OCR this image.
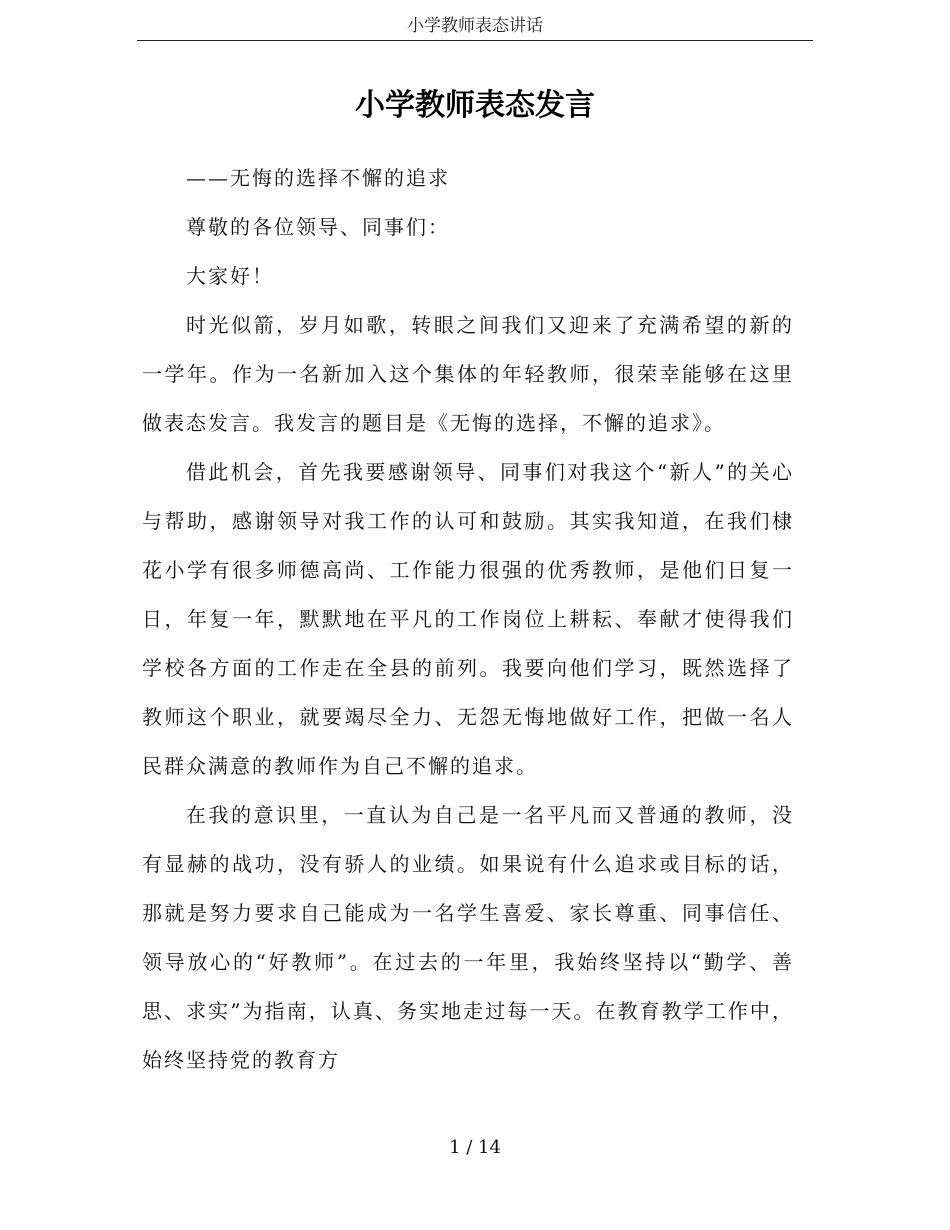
小学教师表态讲话
小学教师表态发言

——无悔的选择不懈的追求

尊敬的各位领导、同事们：

大家好！

时光似箭，岁月如歌，转眼之间我们又迎来了充满希望的新的一学年。作为一名新加入这个集体的年轻教师，很荣幸能够在这里做表态发言。我发言的题目是《无悔的选择，不懈的追求》。

借此机会，首先我要感谢领导、同事们对我这个“新人”的关心与帮助，感谢领导对我工作的认可和鼓励。其实我知道，在我们棣花小学有很多师德高尚、工作能力很强的优秀教师，是他们日复一日，年复一年，默默地在平凡的工作岗位上耕耘、奉献才使得我们学校各方面的工作走在全县的前列。我要向他们学习，既然选择了教师这个职业，就要竭尽全力、无怨无悔地做好工作，把做一名人民群众满意的教师作为自己不懈的追求。

在我的意识里，一直认为自己是一名平凡而又普通的教师，没有显赫的战功，没有骄人的业绩。如果说有什么追求或目标的话，那就是努力要求自己能成为一名学生喜爱、家长尊重、同事信任、领导放心的“好教师”。在过去的一年里，我始终坚持以“勤学、善思、求实”为指南，认真、务实地走过每一天。在教育教学工作中，始终坚持党的教育方

1 / 14
